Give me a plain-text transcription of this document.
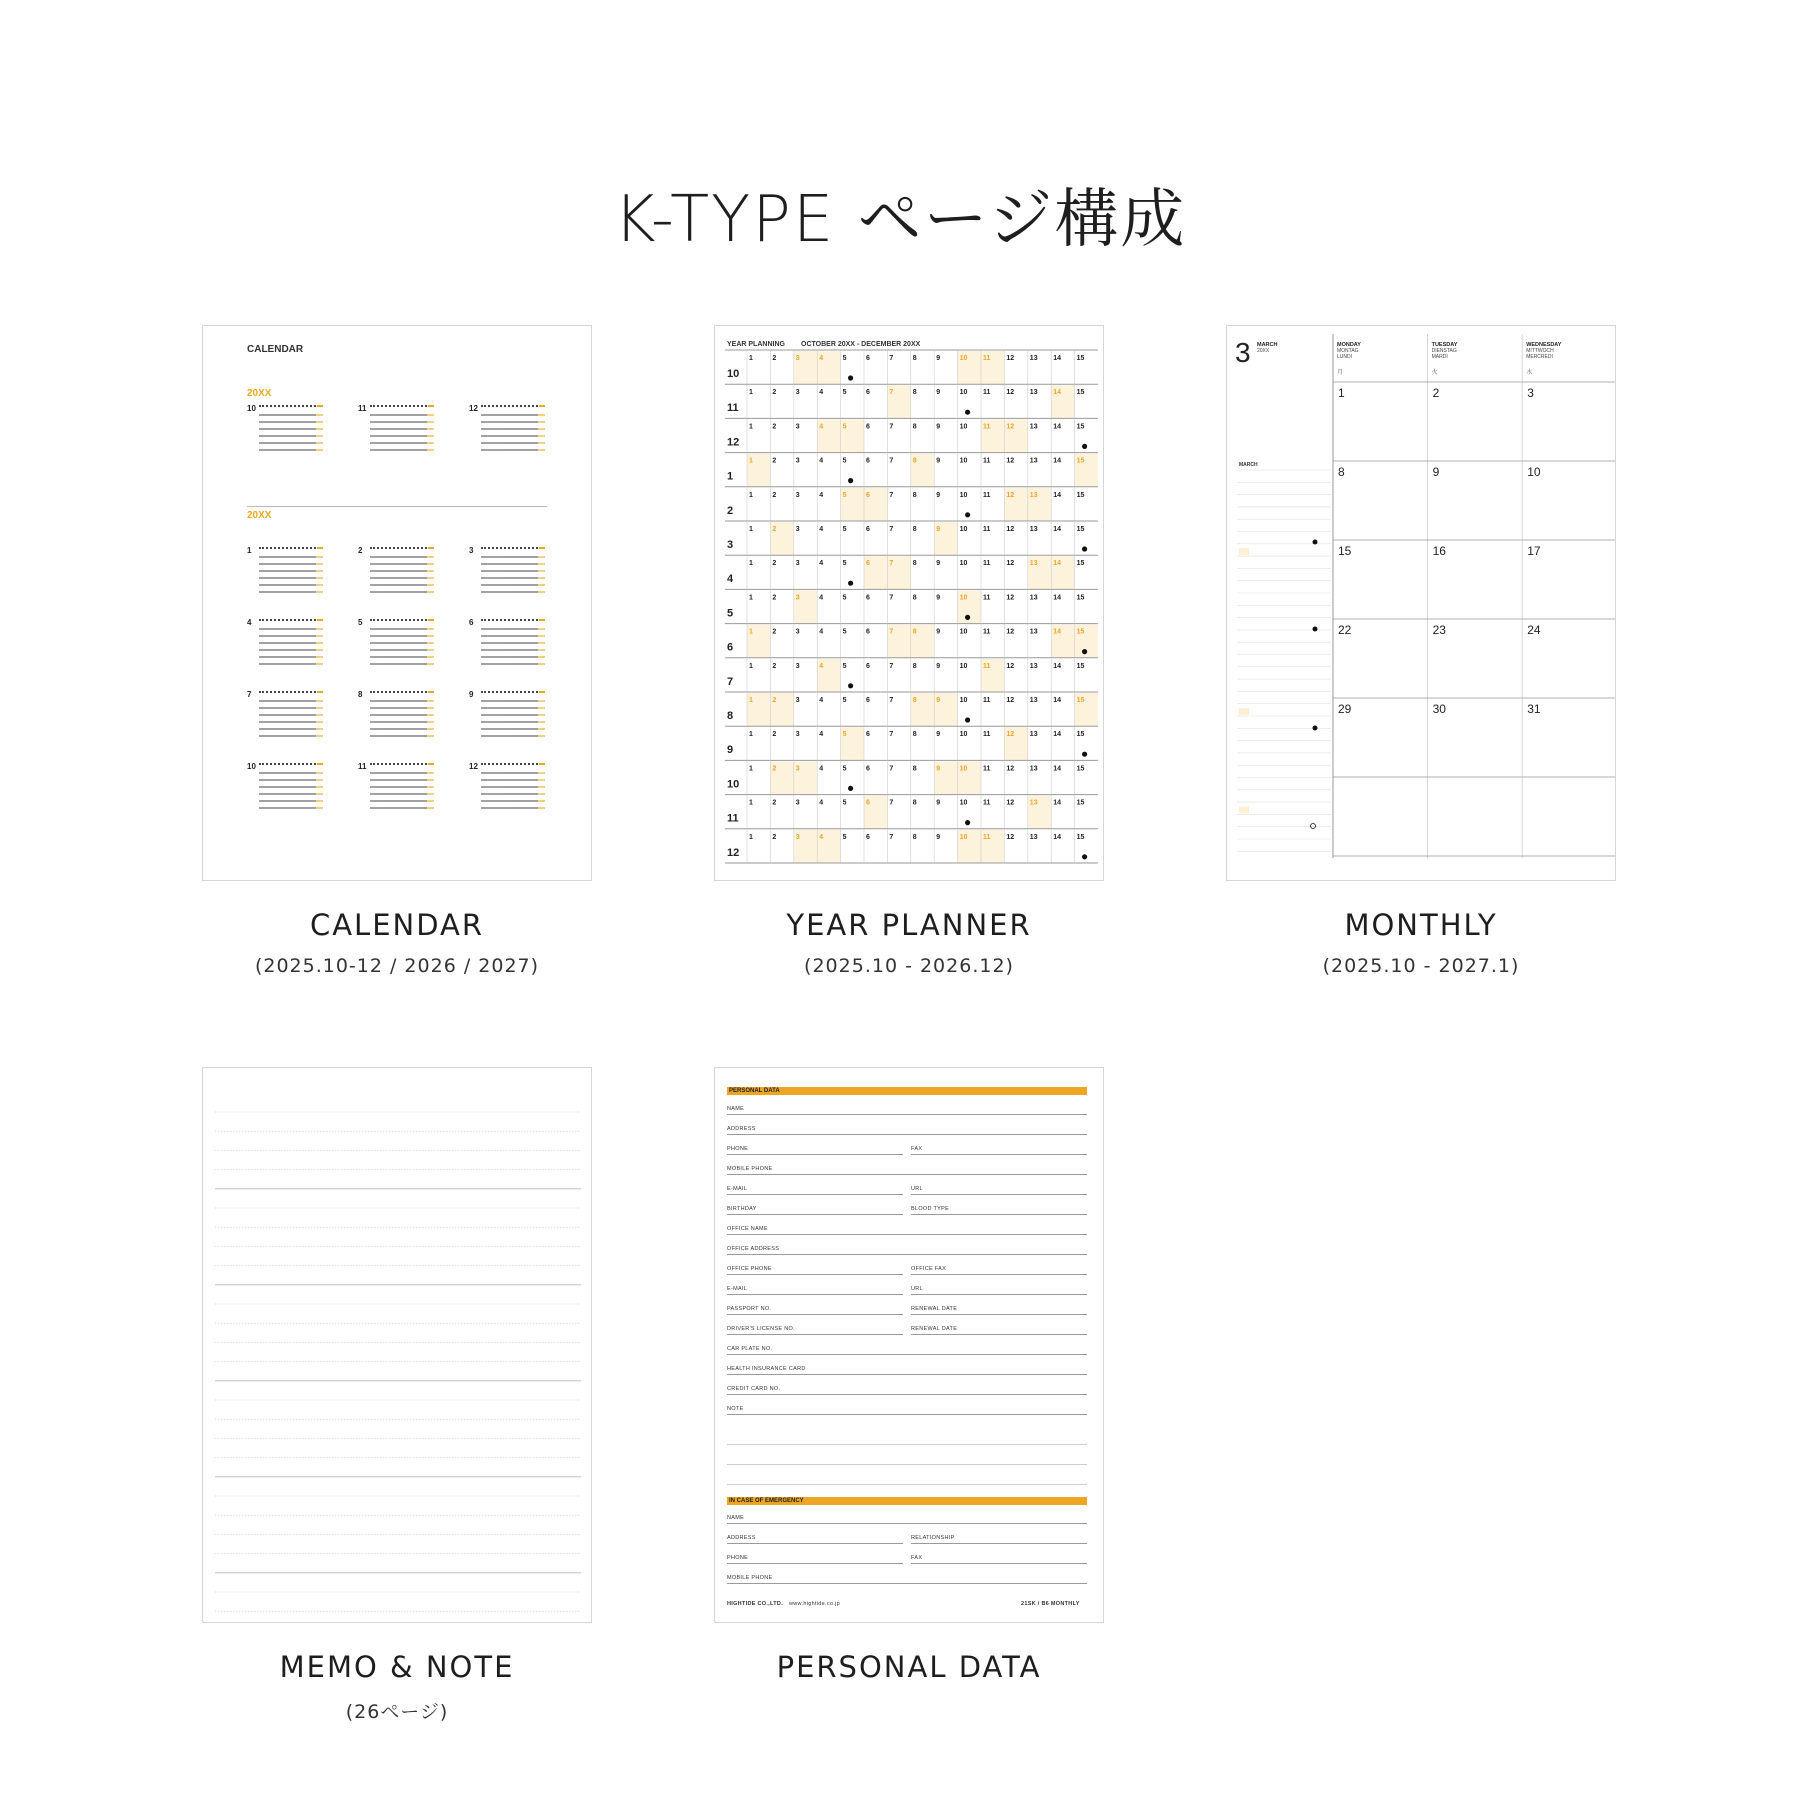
K-TYPE ページ構成
CALENDAR
20XX
10	11	12
20XX
1	2	3
4	5	6
7	8	9
10	11	12
CALENDAR
(2025.10-12 / 2026 / 2027)
YEAR PLANNING OCTOBER 20XX - DECEMBER 20XX
10
1	2	3	4	5	6	7	8	9	10 11 12 13 14 15
11
1	2	3	4	5	6	7	8	9	10 11 12 13 14 15
12
1	2	3	4	5	6	7	8	9	10 11 12 13 14 15
1
1	2	3	4	5	6	7	8	9	10 11 12 13 14 15
2
1	2	3	4	5	6	7	8	9	10 11 12 13 14 15
3
1	2	3	4	5	6	7	8	9	10 11 12 13 14 15
4
1	2	3	4	5	6	7	8	9	10 11 12 13 14 15
5
1	2	3	4	5	6	7	8	9	10 11 12 13 14 15
6
1	2	3	4	5	6	7	8	9	10 11 12 13 14 15
7
1	2	3	4	5	6	7	8	9	10 11 12 13 14 15
8
1	2	3	4	5	6	7	8	9	10 11 12 13 14 15
9
1	2	3	4	5	6	7	8	9	10 11 12 13 14 15
10
1	2	3	4	5	6	7	8	9	10 11 12 13 14 15
11
1	2	3	4	5	6	7	8	9	10 11 12 13 14 15
12
1	2	3	4	5	6	7	8	9	10 11 12 13 14 15
YEAR PLANNER
(2025.10 - 2026.12)
3 MARCH
20XX
MONDAY
MONTAG
LUNDI
月
TUESDAY
DIENSTAG
MARDI
火
WEDNESDAY
MITTWOCH
MERCREDI
水
1	2	3
8	9	10
15	16	17
22	23	24
29	30	31
MARCH
MONTHLY
(2025.10 - 2027.1)
MEMO & NOTE
(26ページ)
PERSONAL DATA
NAME
ADDRESS
PHONE	FAX
MOBILE PHONE
E-MAIL	URL
BIRTHDAY	BLOOD TYPE
OFFICE NAME
OFFICE ADDRESS
OFFICE PHONE	OFFICE FAX
E-MAIL	URL
PASSPORT NO.	RENEWAL DATE
DRIVER'S LICENSE NO.	RENEWAL DATE
CAR PLATE NO.
HEALTH INSURANCE CARD
CREDIT CARD NO.
NOTE
IN CASE OF EMERGENCY
NAME
ADDRESS	RELATIONSHIP
PHONE	FAX
MOBILE PHONE
HIGHTIDE CO.,LTD. www.hightide.co.jp	21SK / B6 MONTHLY
PERSONAL DATA
